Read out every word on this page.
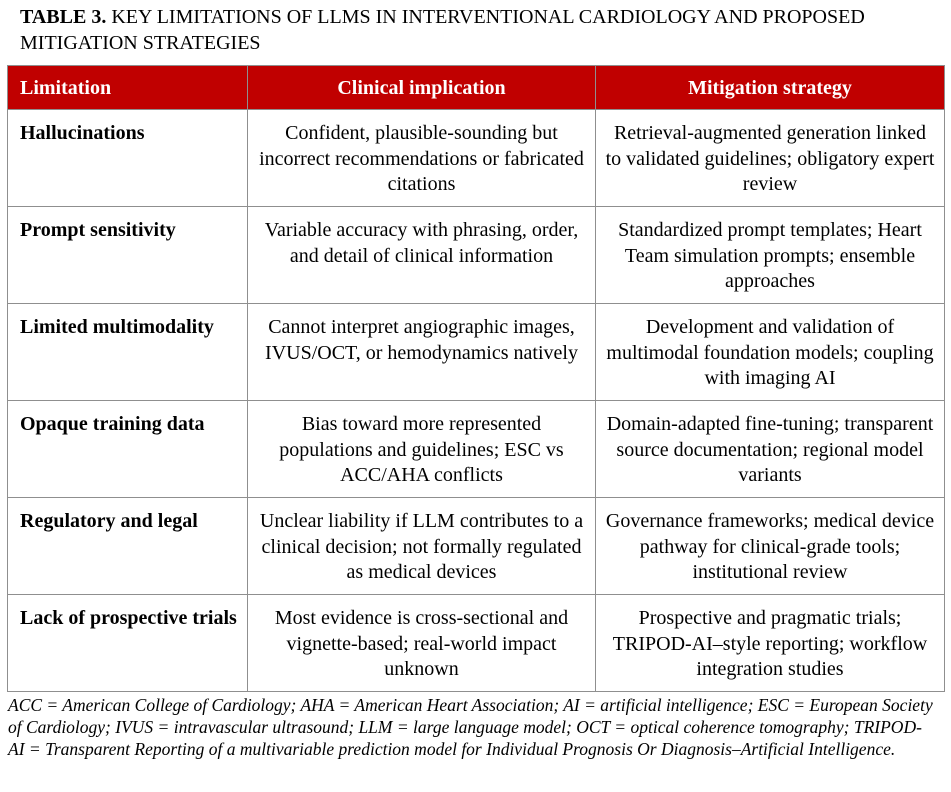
TABLE 3. KEY LIMITATIONS OF LLMS IN INTERVENTIONAL CARDIOLOGY AND PROPOSED MITIGATION STRATEGIES

Limitation	Clinical implication	Mitigation strategy
Hallucinations	Confident, plausible-sounding but incorrect recommendations or fabricated citations	Retrieval-augmented generation linked to validated guidelines; obligatory expert review
Prompt sensitivity	Variable accuracy with phrasing, order, and detail of clinical information	Standardized prompt templates; Heart Team simulation prompts; ensemble approaches
Limited multimodality	Cannot interpret angiographic images, IVUS/OCT, or hemodynamics natively	Development and validation of multimodal foundation models; coupling with imaging AI
Opaque training data	Bias toward more represented populations and guidelines; ESC vs ACC/AHA conflicts	Domain-adapted fine-tuning; transparent source documentation; regional model variants
Regulatory and legal	Unclear liability if LLM contributes to a clinical decision; not formally regulated as medical devices	Governance frameworks; medical device pathway for clinical-grade tools; institutional review
Lack of prospective trials	Most evidence is cross-sectional and vignette-based; real-world impact unknown	Prospective and pragmatic trials; TRIPOD-AI–style reporting; workflow integration studies

ACC = American College of Cardiology; AHA = American Heart Association; AI = artificial intelligence; ESC = European Society of Cardiology; IVUS = intravascular ultrasound; LLM = large language model; OCT = optical coherence tomography; TRIPOD-AI = Transparent Reporting of a multivariable prediction model for Individual Prognosis Or Diagnosis–Artificial Intelligence.
